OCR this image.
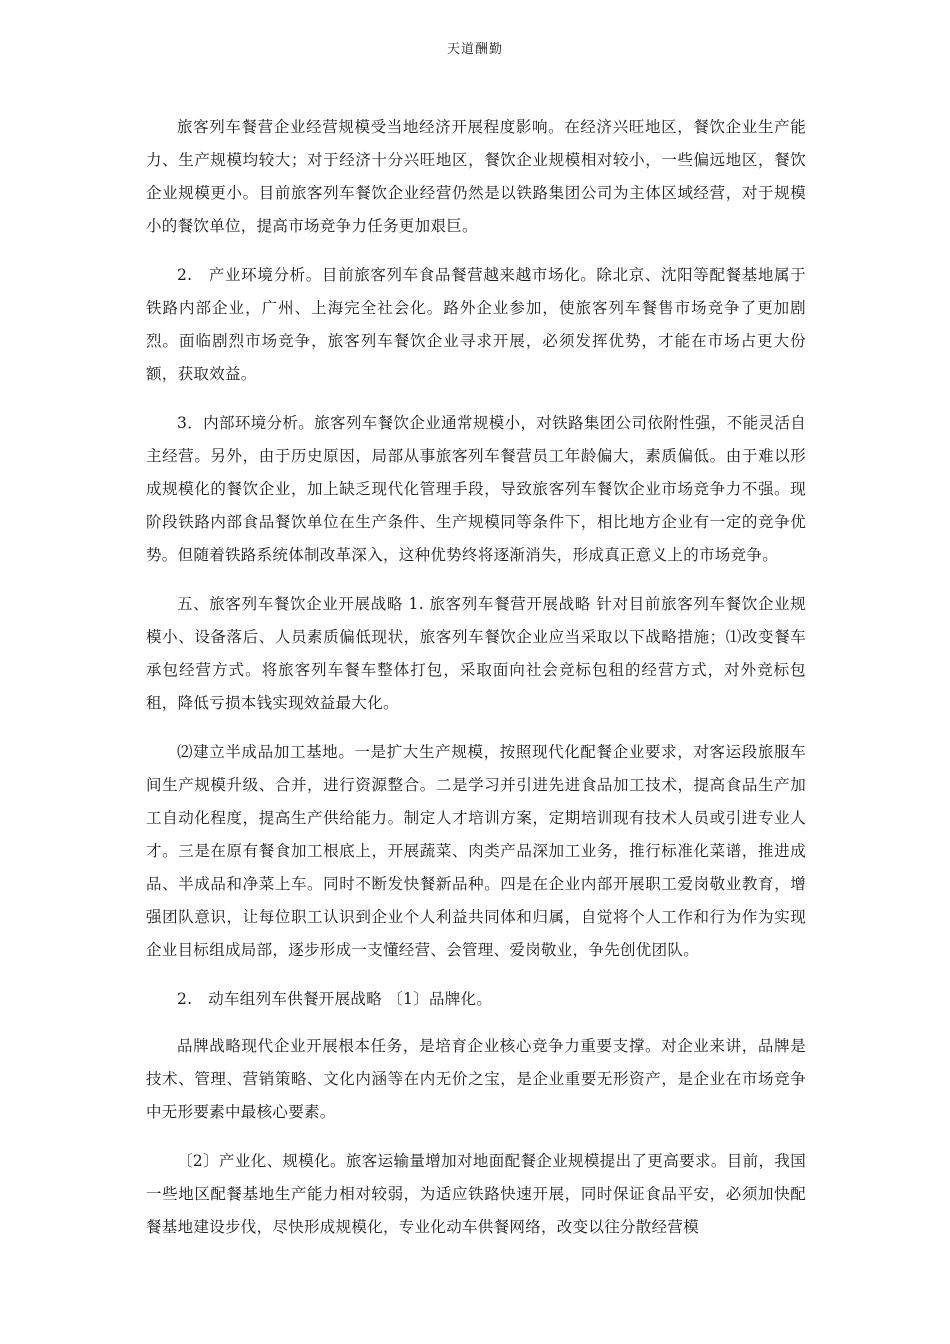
天道酬勤

旅客列车餐营企业经营规模受当地经济开展程度影响。在经济兴旺地区，餐饮企业生产能力、生产规模均较大；对于经济十分兴旺地区，餐饮企业规模相对较小，一些偏远地区，餐饮企业规模更小。目前旅客列车餐饮企业经营仍然是以铁路集团公司为主体区域经营，对于规模小的餐饮单位，提高市场竞争力任务更加艰巨。

2.　产业环境分析。目前旅客列车食品餐营越来越市场化。除北京、沈阳等配餐基地属于铁路内部企业，广州、上海完全社会化。路外企业参加，使旅客列车餐售市场竞争了更加剧烈。面临剧烈市场竞争，旅客列车餐饮企业寻求开展，必须发挥优势，才能在市场占更大份额，获取效益。

3．内部环境分析。旅客列车餐饮企业通常规模小，对铁路集团公司依附性强，不能灵活自主经营。另外，由于历史原因，局部从事旅客列车餐营员工年龄偏大，素质偏低。由于难以形成规模化的餐饮企业，加上缺乏现代化管理手段，导致旅客列车餐饮企业市场竞争力不强。现阶段铁路内部食品餐饮单位在生产条件、生产规模同等条件下，相比地方企业有一定的竞争优势。但随着铁路系统体制改革深入，这种优势终将逐渐消失，形成真正意义上的市场竞争。

五、旅客列车餐饮企业开展战略 1. 旅客列车餐营开展战略 针对目前旅客列车餐饮企业规模小、设备落后、人员素质偏低现状，旅客列车餐饮企业应当采取以下战略措施；⑴改变餐车承包经营方式。将旅客列车餐车整体打包，采取面向社会竞标包租的经营方式，对外竞标包租，降低亏损本钱实现效益最大化。

⑵建立半成品加工基地。一是扩大生产规模，按照现代化配餐企业要求，对客运段旅服车间生产规模升级、合并，进行资源整合。二是学习并引进先进食品加工技术，提高食品生产加工自动化程度，提高生产供给能力。制定人才培训方案，定期培训现有技术人员或引进专业人才。三是在原有餐食加工根底上，开展蔬菜、肉类产品深加工业务，推行标准化菜谱，推进成品、半成品和净菜上车。同时不断发快餐新品种。四是在企业内部开展职工爱岗敬业教育，增强团队意识，让每位职工认识到企业个人利益共同体和归属，自觉将个人工作和行为作为实现企业目标组成局部，逐步形成一支懂经营、会管理、爱岗敬业，争先创优团队。

2.　动车组列车供餐开展战略 〔1〕品牌化。

品牌战略现代企业开展根本任务，是培育企业核心竞争力重要支撑。对企业来讲，品牌是技术、管理、营销策略、文化内涵等在内无价之宝，是企业重要无形资产，是企业在市场竞争中无形要素中最核心要素。

〔2〕产业化、规模化。旅客运输量增加对地面配餐企业规模提出了更高要求。目前，我国一些地区配餐基地生产能力相对较弱，为适应铁路快速开展，同时保证食品平安，必须加快配餐基地建设步伐，尽快形成规模化，专业化动车供餐网络，改变以往分散经营模
